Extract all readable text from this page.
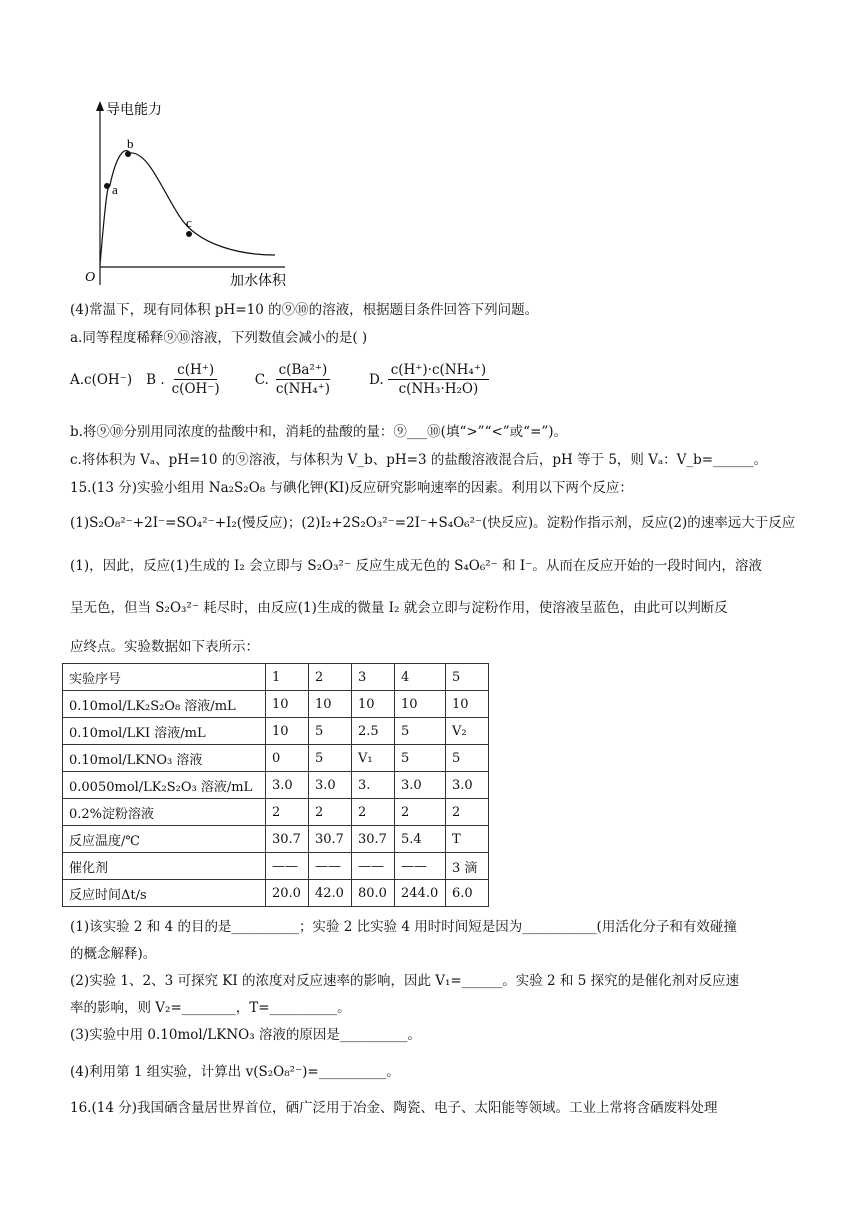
a
b
c
O
导电能力
加水体积
(4)常温下，现有同体积 pH=10 的⑨⑩的溶液，根据题目条件回答下列问题。
a.同等程度稀释⑨⑩溶液，下列数值会减小的是( )
A.c(OH⁻) B . $\frac{c(H^+)}{c(OH^-)} C$. $\frac{\text{c(Ba²⁺)}}{\text{c(NH₄⁺)}}$	D. $\frac{\text{c(H⁺)·c(NH₄⁺)}}{\text{c(NH₃·H₂O)}}$
b.将⑨⑩分别用同浓度的盐酸中和，消耗的盐酸的量：⑨___⑩(填“>”“<”或“=”)。
c.将体积为 Vₐ、pH=10 的⑨溶液，与体积为 V_b、pH=3 的盐酸溶液混合后，pH 等于 5，则 Vₐ：V_b=______。
15.(13 分)实验小组用 Na₂S₂O₈ 与碘化钾(KI)反应研究影响速率的因素。利用以下两个反应：
(1)S₂O₈²⁻+2I⁻=SO₄²⁻+I₂(慢反应)；(2)I₂+2S₂O₃²⁻=2I⁻+S₄O₆²⁻(快反应)。淀粉作指示剂，反应(2)的速率远大于反应
(1)，因此，反应(1)生成的 I₂ 会立即与 S₂O₃²⁻ 反应生成无色的 S₄O₆²⁻ 和 I⁻。从而在反应开始的一段时间内，溶液
呈无色，但当 S₂O₃²⁻ 耗尽时，由反应(1)生成的微量 I₂ 就会立即与淀粉作用，使溶液呈蓝色，由此可以判断反
应终点。实验数据如下表所示：
实验序号	1	2	3	4	5
0.10mol/LK₂S₂O₈ 溶液/mL	10	10	10	10	10
0.10mol/LKI 溶液/mL	10	5	2.5	5	V₂
0.10mol/LKNO₃ 溶液	0	5	V₁	5	5
0.0050mol/LK₂S₂O₃ 溶液/mL	3.0	3.0	3.	3.0	3.0
0.2%淀粉溶液	2	2	2	2	2
反应温度/℃	30.7	30.7	30.7	5.4	T
催化剂	——	——	——	——	3 滴
反应时间Δt/s	20.0	42.0	80.0	244.0	6.0
(1)该实验 2 和 4 的目的是__________；实验 2 比实验 4 用时时间短是因为___________(用活化分子和有效碰撞
的概念解释)。
(2)实验 1、2、3 可探究 KI 的浓度对反应速率的影响，因此 V₁=______。实验 2 和 5 探究的是催化剂对反应速
率的影响，则 V₂=________，T=__________。
(3)实验中用 0.10mol/LKNO₃ 溶液的原因是__________。
(4)利用第 1 组实验，计算出 v(S₂O₈²⁻)=__________。
16.(14 分)我国硒含量居世界首位，硒广泛用于冶金、陶瓷、电子、太阳能等领域。工业上常将含硒废料处理
